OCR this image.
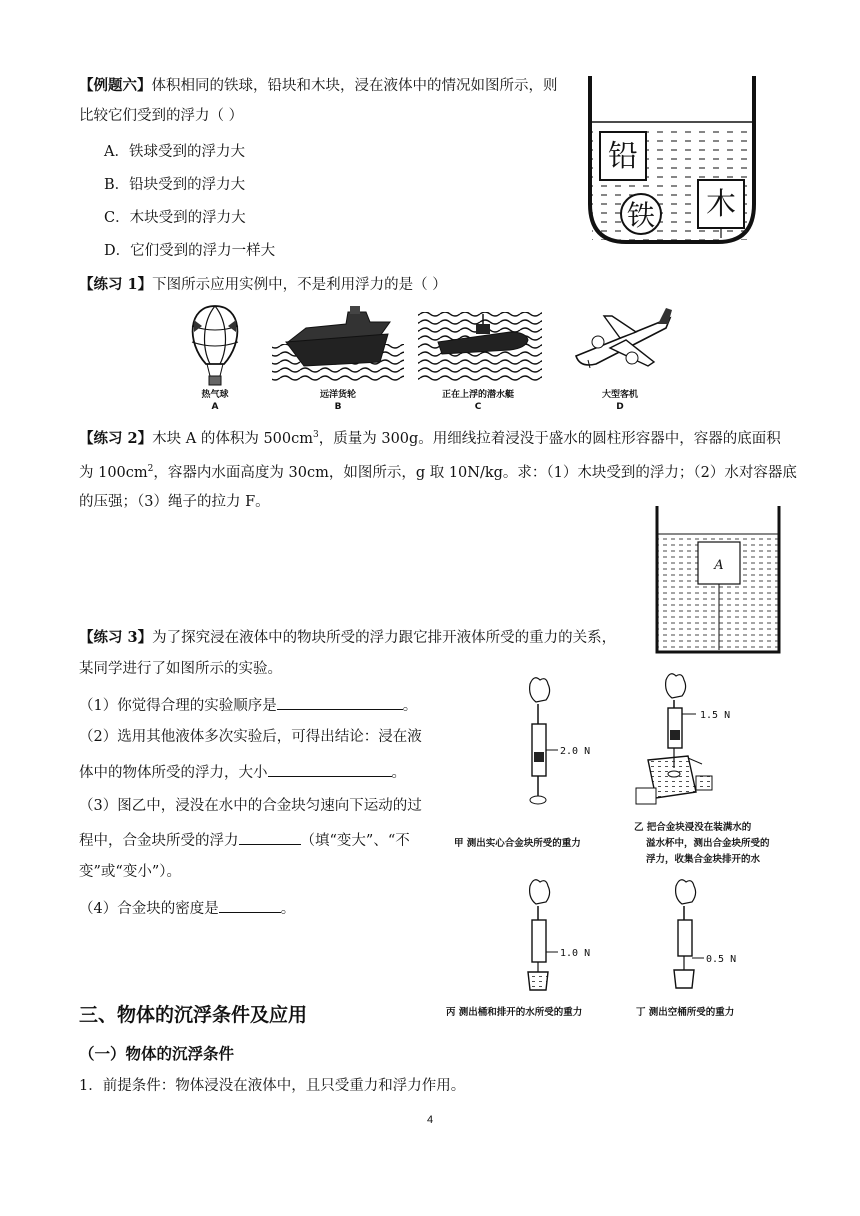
【例题六】体积相同的铁球，铅块和木块，浸在液体中的情况如图所示，则
比较它们受到的浮力（ ）
A．铁球受到的浮力大
B．铅块受到的浮力大
C．木块受到的浮力大
D．它们受到的浮力一样大
铅
铁 木
【练习 1】下图所示应用实例中，不是利用浮力的是（ ）
热气球
A
远洋货轮
B
正在上浮的潜水艇
C
大型客机
D
【练习 2】木块 A 的体积为 $500cm^3$，质量为 300g。用细线拉着浸没于盛水的圆柱形容器中，容器的底面积
为 $100cm^2$，容器内水面高度为 30cm，如图所示，g 取 10N/kg。求：（1）木块受到的浮力；（2）水对容器底
的压强；（3）绳子的拉力 F。
A
【练习 3】为了探究浸在液体中的物块所受的浮力跟它排开液体所受的重力的关系，
某同学进行了如图所示的实验。
（1）你觉得合理的实验顺序是	。
（2）选用其他液体多次实验后，可得出结论：浸在液
体中的物体所受的浮力，大小	。
（3）图乙中，浸没在水中的合金块匀速向下运动的过
程中，合金块所受的浮力	（填“变大”、“不
变”或“变小”）。
（4）合金块的密度是	。
2.0 N
甲 测出实心合金块所受的重力
1.5 N
乙 把合金块浸没在装满水的
溢水杯中，测出合金块所受的
浮力，收集合金块排开的水
1.0 N
丙 测出桶和排开的水所受的重力
0.5 N
丁 测出空桶所受的重力
三、物体的沉浮条件及应用
（一）物体的沉浮条件
1．前提条件：物体浸没在液体中，且只受重力和浮力作用。
4
